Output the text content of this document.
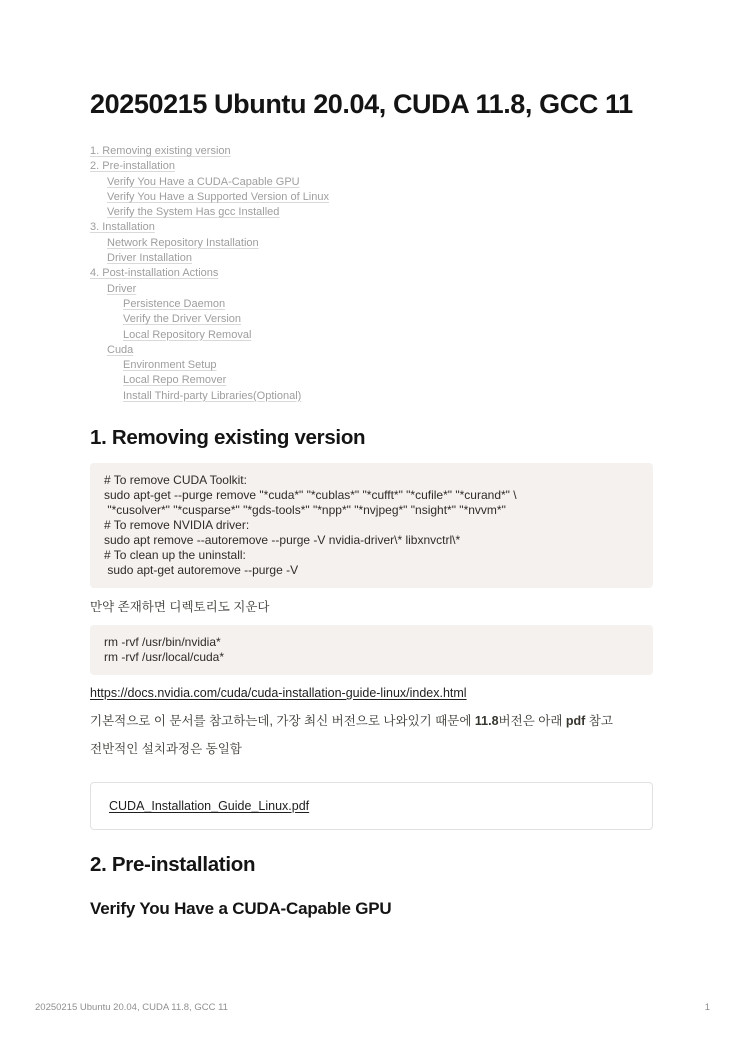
20250215 Ubuntu 20.04, CUDA 11.8, GCC 11
1. Removing existing version
2. Pre-installation
Verify You Have a CUDA-Capable GPU
Verify You Have a Supported Version of Linux
Verify the System Has gcc Installed
3. Installation
Network Repository Installation
Driver Installation
4. Post-installation Actions
Driver
Persistence Daemon
Verify the Driver Version
Local Repository Removal
Cuda
Environment Setup
Local Repo Remover
Install Third-party Libraries(Optional)
1. Removing existing version
# To remove CUDA Toolkit:
sudo apt-get --purge remove "*cuda*" "*cublas*" "*cufft*" "*cufile*" "*curand*" \
"*cusolver*" "*cusparse*" "*gds-tools*" "*npp*" "*nvjpeg*" "nsight*" "*nvvm*"
# To remove NVIDIA driver:
sudo apt remove --autoremove --purge -V nvidia-driver\* libxnvctrl\*
# To clean up the uninstall:
sudo apt-get autoremove --purge -V

만약 존재하면 디렉토리도 지운다

rm -rvf /usr/bin/nvidia*
rm -rvf /usr/local/cuda*

https://docs.nvidia.com/cuda/cuda-installation-guide-linux/index.html

기본적으로 이 문서를 참고하는데, 가장 최신 버전으로 나와있기 때문에 11.8버전은 아래 pdf 참고

전반적인 설치과정은 동일함

CUDA_Installation_Guide_Linux.pdf
2. Pre-installation
Verify You Have a CUDA-Capable GPU
20250215 Ubuntu 20.04, CUDA 11.8, GCC 11	1
